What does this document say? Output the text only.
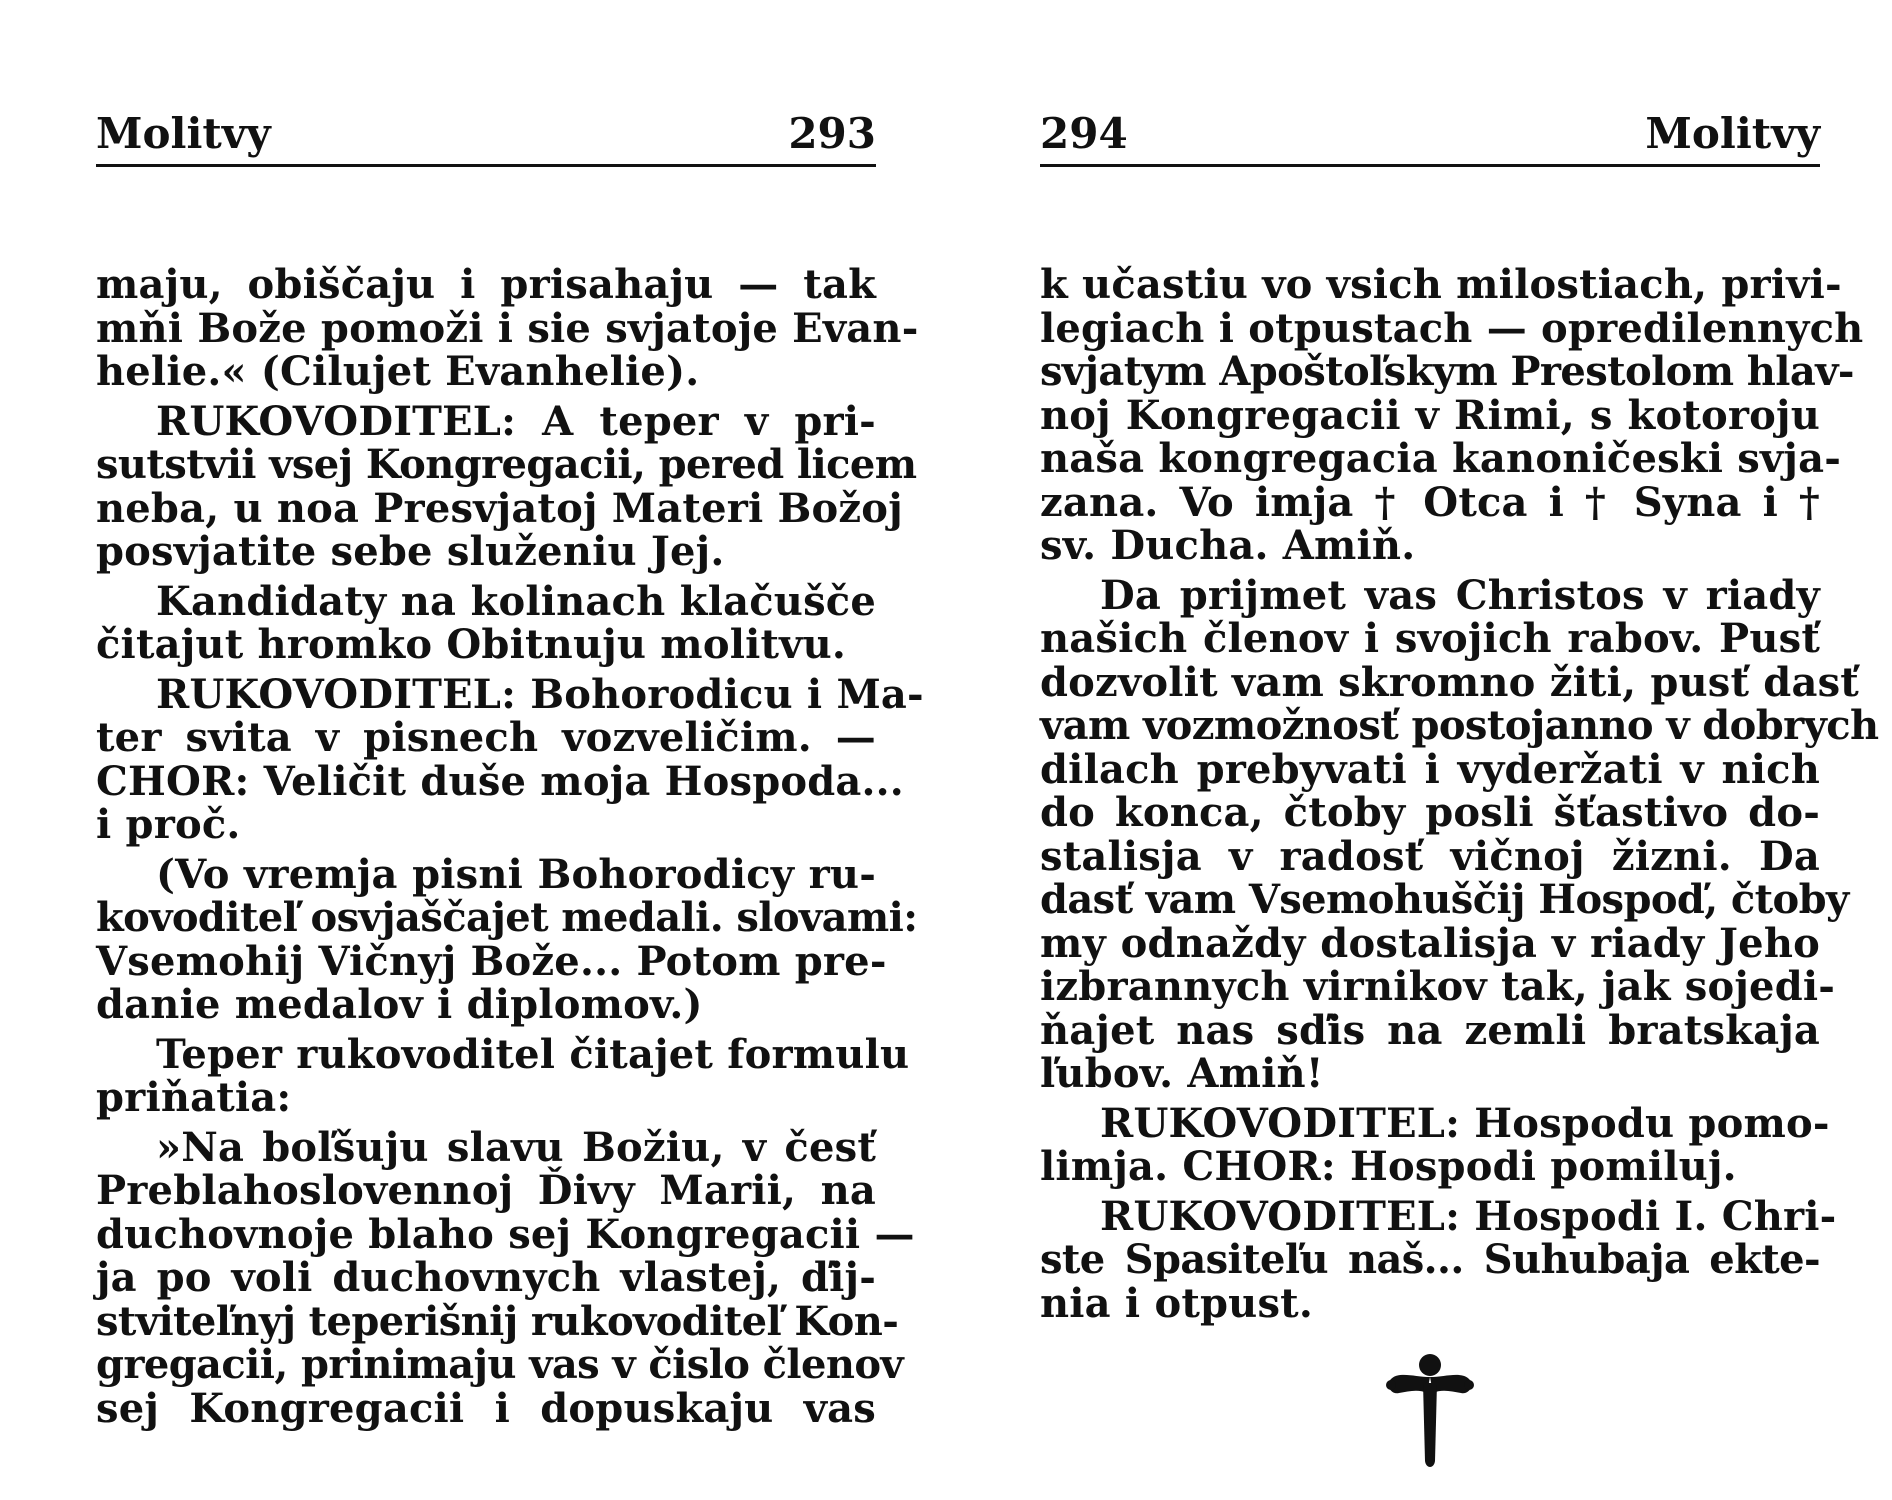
Molitvy	293
maju, obiščaju i prisahaju — tak
mňi Bože pomoži i sie svjatoje Evan-
helie.« (Cilujet Evanhelie).
RUKOVODITEL: A teper v pri-
sutstvii vsej Kongregacii, pered licem
neba, u noa Presvjatoj Materi Božoj
posvjatite sebe služeniu Jej.
Kandidaty na kolinach klačušče
čitajut hromko Obitnuju molitvu.
RUKOVODITEL: Bohorodicu i Ma-
ter svita v pisnech vozveličim. —
CHOR: Veličit duše moja Hospoda...
i proč.
(Vo vremja pisni Bohorodicy ru-
kovoditeľ osvjaščajet medali. slovami:
Vsemohij Vičnyj Bože... Potom pre-
danie medalov i diplomov.)
Teper rukovoditel čitajet formulu
priňatia:
»Na boľšuju slavu Božiu, v česť
Preblahoslovennoj Ďivy Marii, na
duchovnoje blaho sej Kongregacii —
ja po voli duchovnych vlastej, ďij-
stviteľnyj teperišnij rukovoditeľ Kon-
gregacii, prinimaju vas v čislo členov
sej Kongregacii i dopuskaju vas
294	Molitvy
k učastiu vo vsich milostiach, privi-
legiach i otpustach — opredilennych
svjatym Apoštoľskym Prestolom hlav-
noj Kongregacii v Rimi, s kotoroju
naša kongregacia kanoničeski svja-
zana. Vo imja † Otca i † Syna i †
sv. Ducha. Amiň.
Da prijmet vas Christos v riady
našich členov i svojich rabov. Pusť
dozvolit vam skromno žiti, pusť dasť
vam vozmožnosť postojanno v dobrych
dilach prebyvati i vyderžati v nich
do konca, čtoby posli šťastivo do-
stalisja v radosť vičnoj žizni. Da
dasť vam Vsemohuščij Hospoď, čtoby
my odnaždy dostalisja v riady Jeho
izbrannych virnikov tak, jak sojedi-
ňajet nas sďis na zemli bratskaja
ľubov. Amiň!
RUKOVODITEL: Hospodu pomo-
limja. CHOR: Hospodi pomiluj.
RUKOVODITEL: Hospodi I. Chri-
ste Spasiteľu naš... Suhubaja ekte-
nia i otpust.
